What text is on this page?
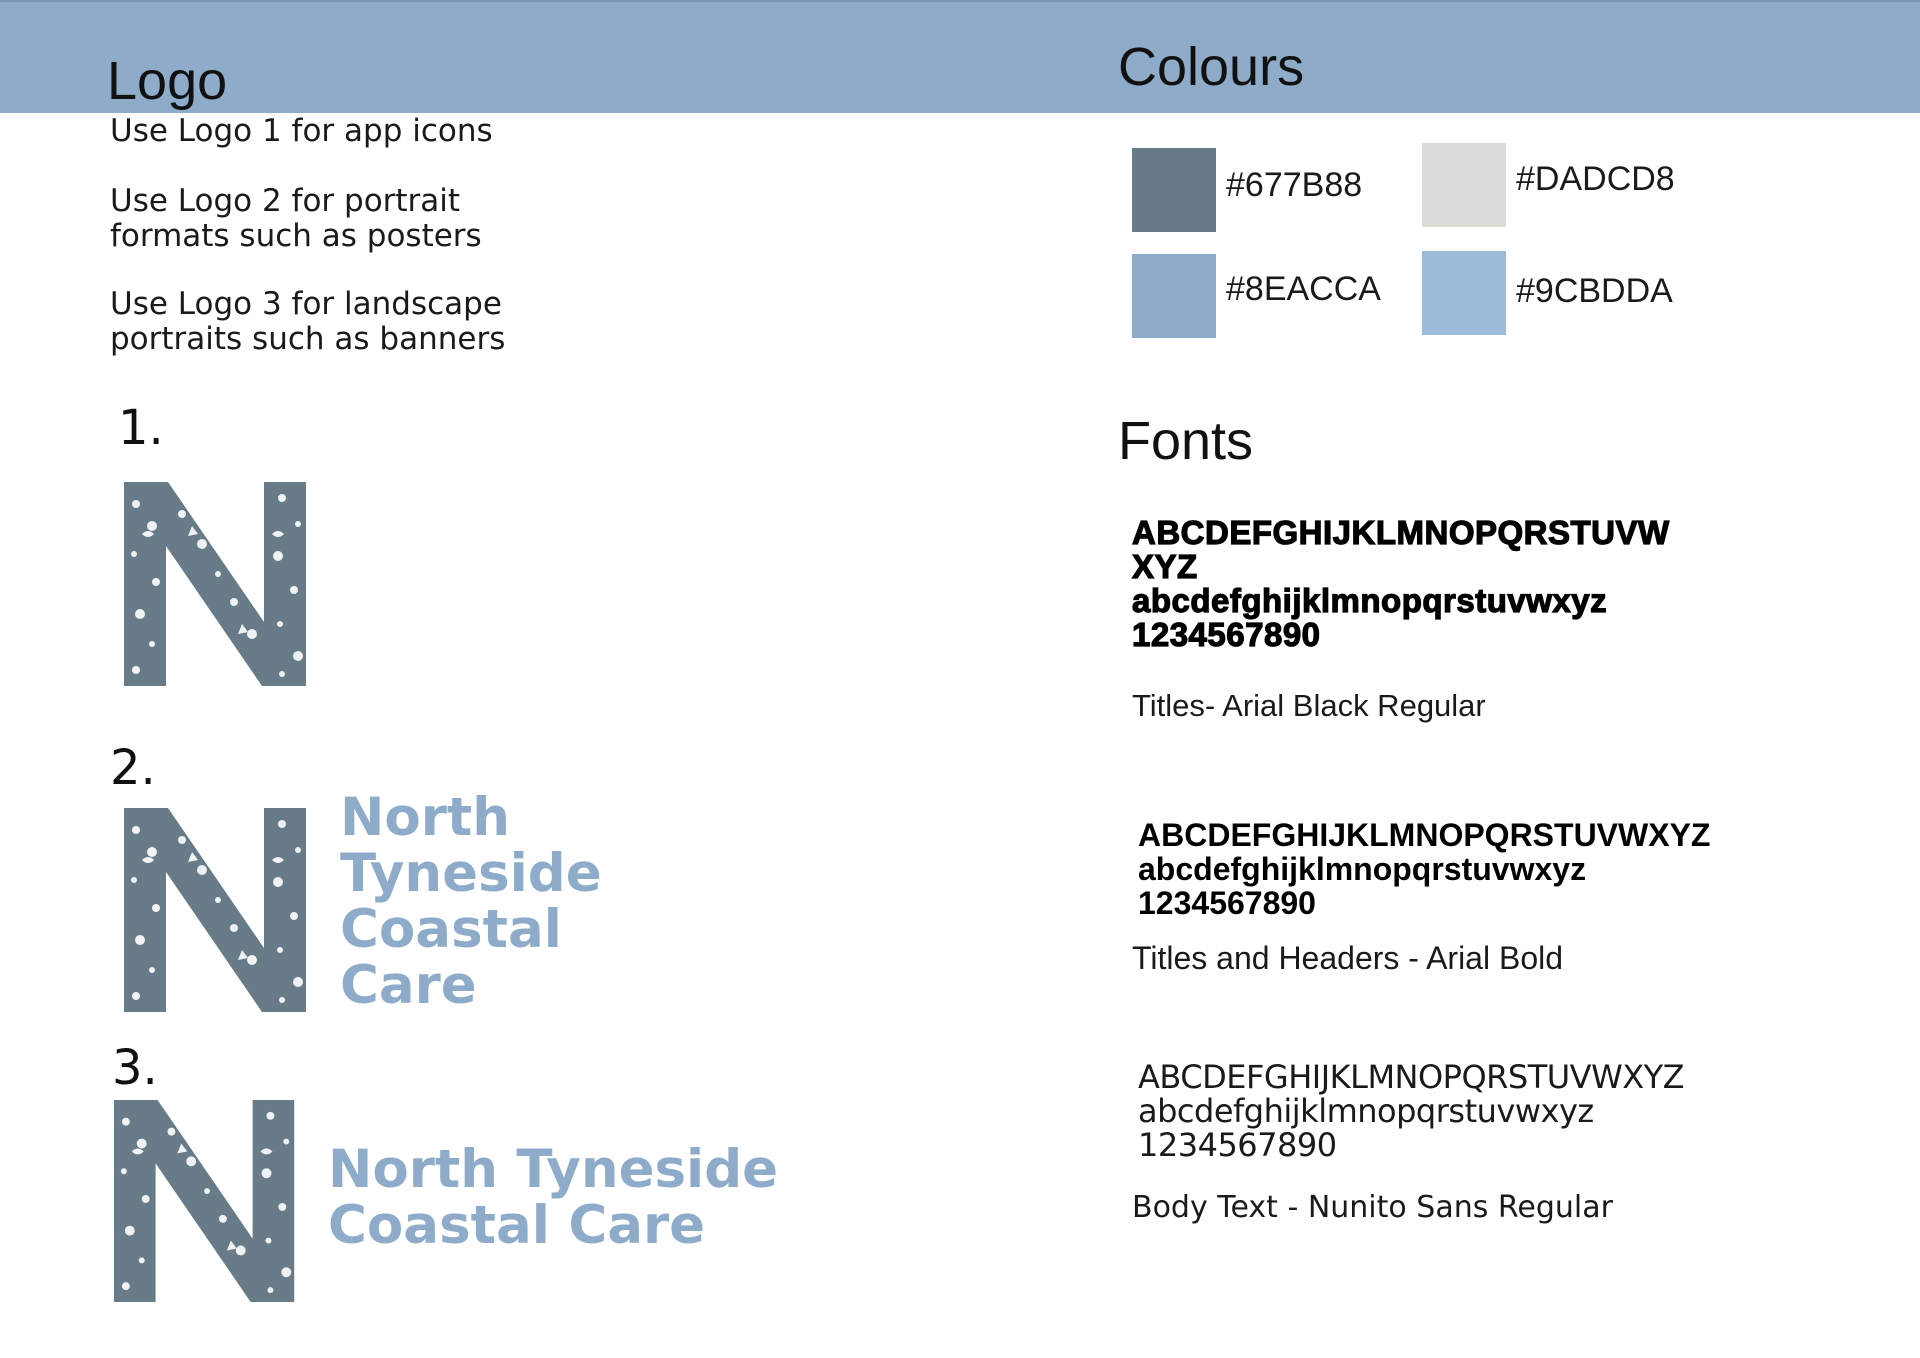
Logo	Colours
Fonts
Use Logo 1 for app icons
Use Logo 2 for portrait
formats such as posters
Use Logo 3 for landscape
portraits such as banners
1.
2.
3.
North
Tyneside
Coastal
Care
North Tyneside
Coastal Care
#677B88	#DADCD8
#8EACCA	#9CBDDA
ABCDEFGHIJKLMNOPQRSTUVW
XYZ
abcdefghijklmnopqrstuvwxyz
1234567890
Titles- Arial Black Regular
ABCDEFGHIJKLMNOPQRSTUVWXYZ
abcdefghijklmnopqrstuvwxyz
1234567890
Titles and Headers - Arial Bold
ABCDEFGHIJKLMNOPQRSTUVWXYZ
abcdefghijklmnopqrstuvwxyz
1234567890
Body Text - Nunito Sans Regular
